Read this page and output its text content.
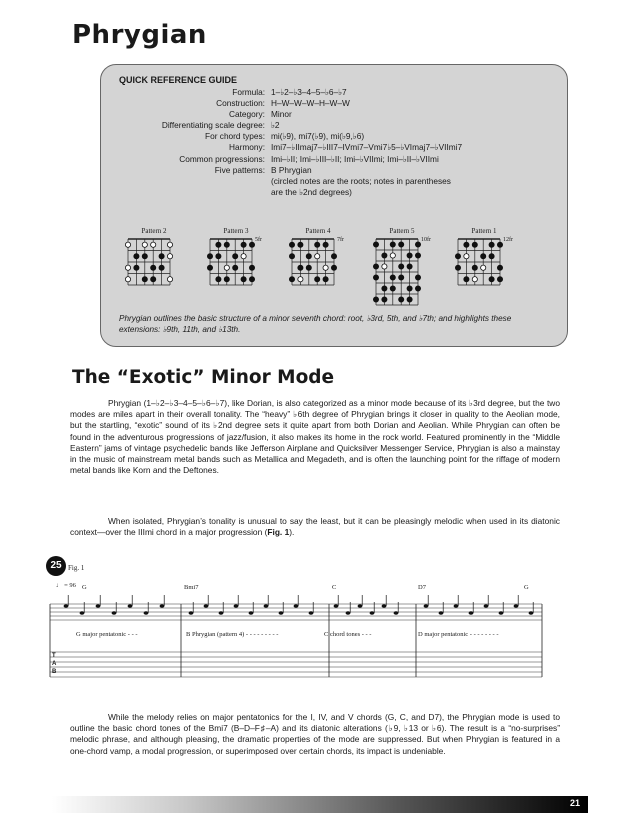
Phrygian
QUICK REFERENCE GUIDE
Formula: 1–♭2–♭3–4–5–♭6–♭7
Construction: H–W–W–W–H–W–W
Category: Minor
Differentiating scale degree: ♭2
For chord types: mi(♭9), mi7(♭9), mi(♭9,♭6)
Harmony: Imi7–♭IImaj7–♭III7–IVmi7–Vmi7♭5–♭VImaj7–♭VIImi7
Common progressions: Imi–♭II; Imi–♭III–♭II; Imi–♭VIImi; Imi–♭II–♭VIImi
Five patterns: B Phrygian
(circled notes are the roots; notes in parentheses
are the ♭2nd degrees)
Pattern 2	Pattern 3
5fr
Pattern 4
7fr
Pattern 5
10fr
Pattern 1
12fr
Phrygian outlines the basic structure of a minor seventh chord: root, ♭3rd, 5th, and ♭7th; and highlights these extensions: ♭9th, 11th, and ♭13th.
The “Exotic” Minor Mode
Phrygian (1–♭2–♭3–4–5–♭6–♭7), like Dorian, is also categorized as a minor mode because of its ♭3rd degree, but the two modes are miles apart in their overall tonality. The “heavy” ♭6th degree of Phrygian brings it closer in quality to the Aeolian mode, but the startling, “exotic” sound of its ♭2nd degree sets it quite apart from both Dorian and Aeolian. While Phrygian can often be found in the adventurous progressions of jazz/fusion, it also makes its home in the rock world. Featured prominently in the “Middle Eastern” jams of vintage psychedelic bands like Jefferson Airplane and Quicksilver Messenger Service, Phrygian is also a mainstay in the music of mainstream metal bands such as Metallica and Megadeth, and is often the launching point for the riffage of modern metal bands like Korn and the Deftones.
When isolated, Phrygian’s tonality is unusual to say the least, but it can be pleasingly melodic when used in its diatonic context—over the IIImi chord in a major progression (Fig. 1).
25 Fig. 1
♩ = 96 G	Bmi7	C	D7	G
G major pentatonic - - -	B Phrygian (pattern 4) - - - - - - - - -	C chord tones - - -	D major pentatonic - - - - - - - -
T
A
B
While the melody relies on major pentatonics for the I, IV, and V chords (G, C, and D7), the Phrygian mode is used to outline the basic chord tones of the Bmi7 (B–D–F♯–A) and its diatonic alterations (♭9, ♭13 or ♭6). The result is a “no-surprises” melodic phrase, and although pleasing, the dramatic properties of the mode are suppressed. But when Phrygian is featured in a one-chord vamp, a modal progression, or superimposed over certain chords, its impact is undeniable.
21
